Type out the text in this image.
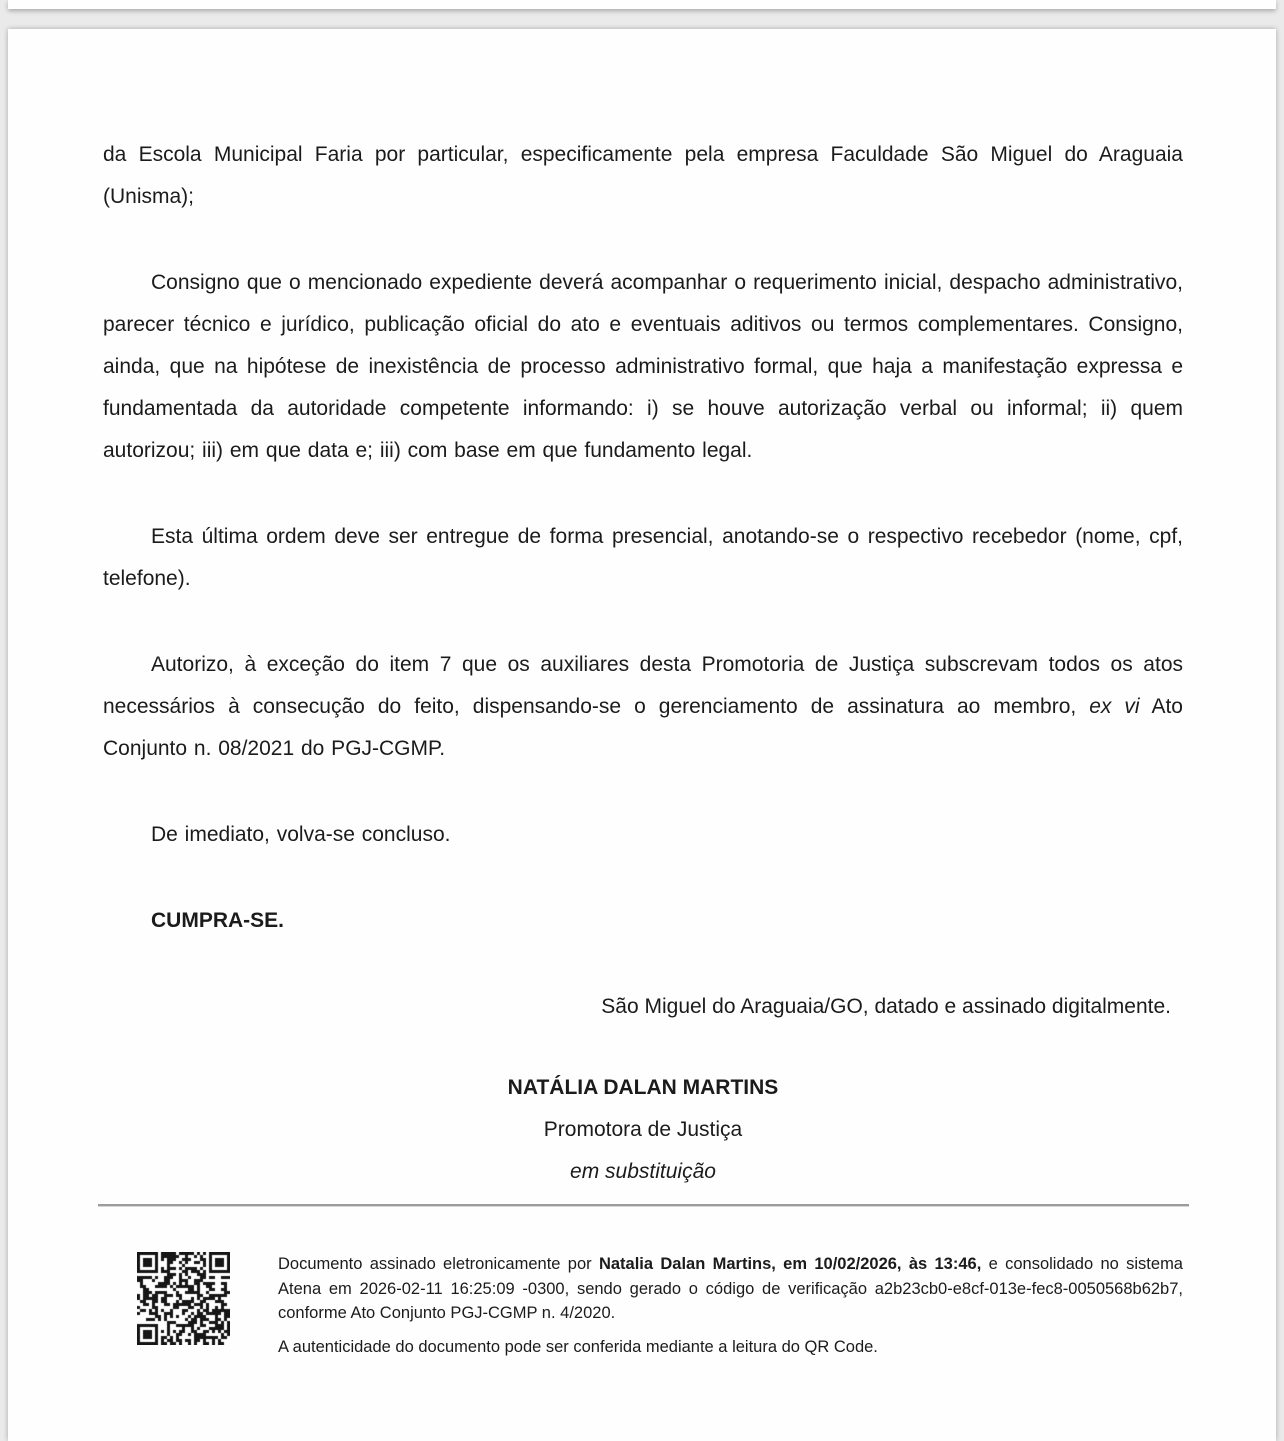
da Escola Municipal Faria por particular, especificamente pela empresa Faculdade São Miguel do Araguaia (Unisma);

Consigno que o mencionado expediente deverá acompanhar o requerimento inicial, despacho administrativo, parecer técnico e jurídico, publicação oficial do ato e eventuais aditivos ou termos complementares. Consigno, ainda, que na hipótese de inexistência de processo administrativo formal, que haja a manifestação expressa e fundamentada da autoridade competente informando: i) se houve autorização verbal ou informal; ii) quem autorizou; iii) em que data e; iii) com base em que fundamento legal.

Esta última ordem deve ser entregue de forma presencial, anotando-se o respectivo recebedor (nome, cpf, telefone).

Autorizo, à exceção do item 7 que os auxiliares desta Promotoria de Justiça subscrevam todos os atos necessários à consecução do feito, dispensando-se o gerenciamento de assinatura ao membro, ex vi Ato Conjunto n. 08/2021 do PGJ-CGMP.

De imediato, volva-se concluso.

CUMPRA-SE.

São Miguel do Araguaia/GO, datado e assinado digitalmente.
NATÁLIA DALAN MARTINS
Promotora de Justiça
em substituição
Documento assinado eletronicamente por Natalia Dalan Martins, em 10/02/2026, às 13:46, e consolidado no sistema Atena em 2026-02-11 16:25:09 -0300, sendo gerado o código de verificação a2b23cb0-e8cf-013e-fec8-0050568b62b7, conforme Ato Conjunto PGJ-CGMP n. 4/2020.
A autenticidade do documento pode ser conferida mediante a leitura do QR Code.
